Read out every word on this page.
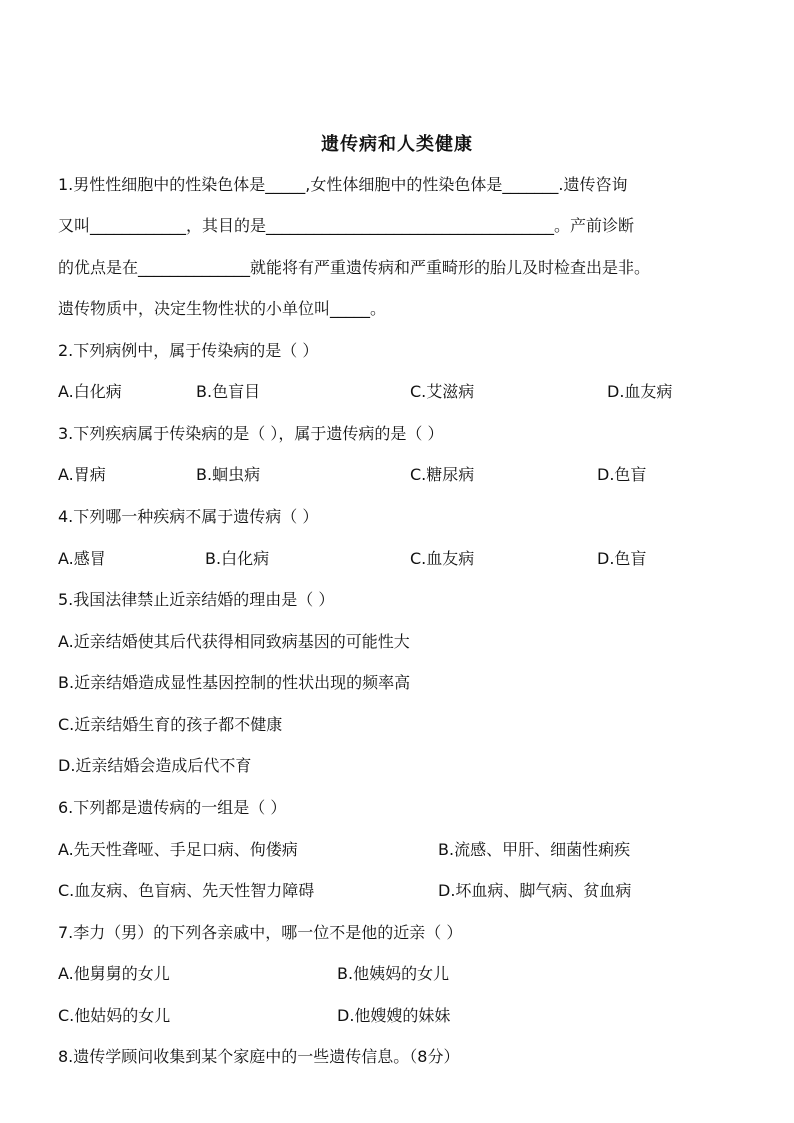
遗传病和人类健康
1.男性性细胞中的性染色体是_____,女性体细胞中的性染色体是_______.遗传咨询
又叫____________，其目的是____________________________________。产前诊断
的优点是在______________就能将有严重遗传病和严重畸形的胎儿及时检查出是非。
遗传物质中，决定生物性状的小单位叫_____。
2.下列病例中，属于传染病的是（ ）
A.白化病	B.色盲目	C.艾滋病	D.血友病
3.下列疾病属于传染病的是（ ），属于遗传病的是（ ）
A.胃病	B.蛔虫病	C.糖尿病	D.色盲
4.下列哪一种疾病不属于遗传病（ ）
A.感冒	B.白化病	C.血友病	D.色盲
5.我国法律禁止近亲结婚的理由是（ ）
A.近亲结婚使其后代获得相同致病基因的可能性大
B.近亲结婚造成显性基因控制的性状出现的频率高
C.近亲结婚生育的孩子都不健康
D.近亲结婚会造成后代不育
6.下列都是遗传病的一组是（ ）
A.先天性聋哑、手足口病、佝偻病	B.流感、甲肝、细菌性痢疾
C.血友病、色盲病、先天性智力障碍	D.坏血病、脚气病、贫血病
7.李力（男）的下列各亲戚中，哪一位不是他的近亲（ ）
A.他舅舅的女儿	B.他姨妈的女儿
C.他姑妈的女儿	D.他嫂嫂的妹妹
8.遗传学顾问收集到某个家庭中的一些遗传信息。（8分）
